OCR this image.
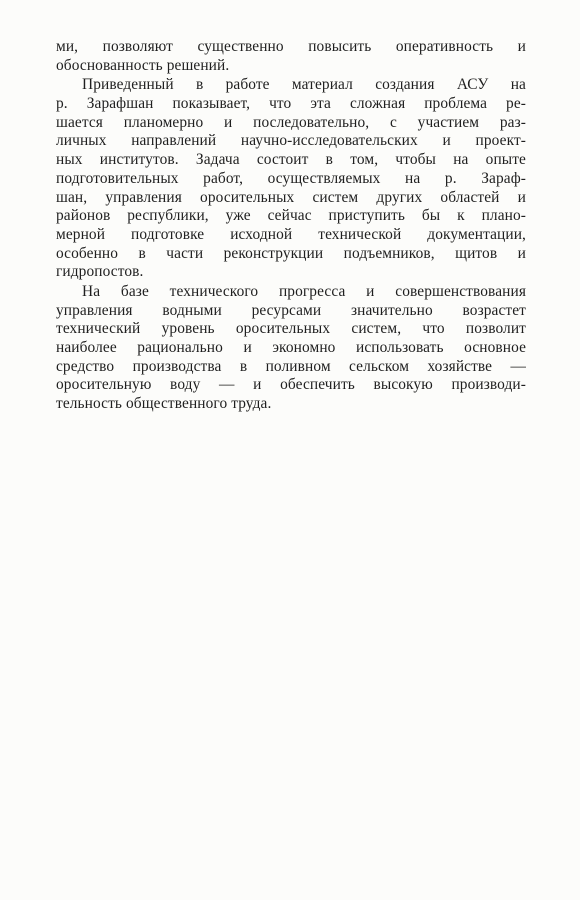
ми, позволяют существенно повысить оперативность и
обоснованность решений.
Приведенный в работе материал создания АСУ на
р. Зарафшан показывает, что эта сложная проблема ре-
шается планомерно и последовательно, с участием раз-
личных направлений научно-исследовательских и проект-
ных институтов. Задача состоит в том, чтобы на опыте
подготовительных работ, осуществляемых на р. Зараф-
шан, управления оросительных систем других областей и
районов республики, уже сейчас приступить бы к плано-
мерной подготовке исходной технической документации,
особенно в части реконструкции подъемников, щитов и
гидропостов.
На базе технического прогресса и совершенствования
управления водными ресурсами значительно возрастет
технический уровень оросительных систем, что позволит
наиболее рационально и экономно использовать основное
средство производства в поливном сельском хозяйстве —
оросительную воду — и обеспечить высокую производи-
тельность общественного труда.
